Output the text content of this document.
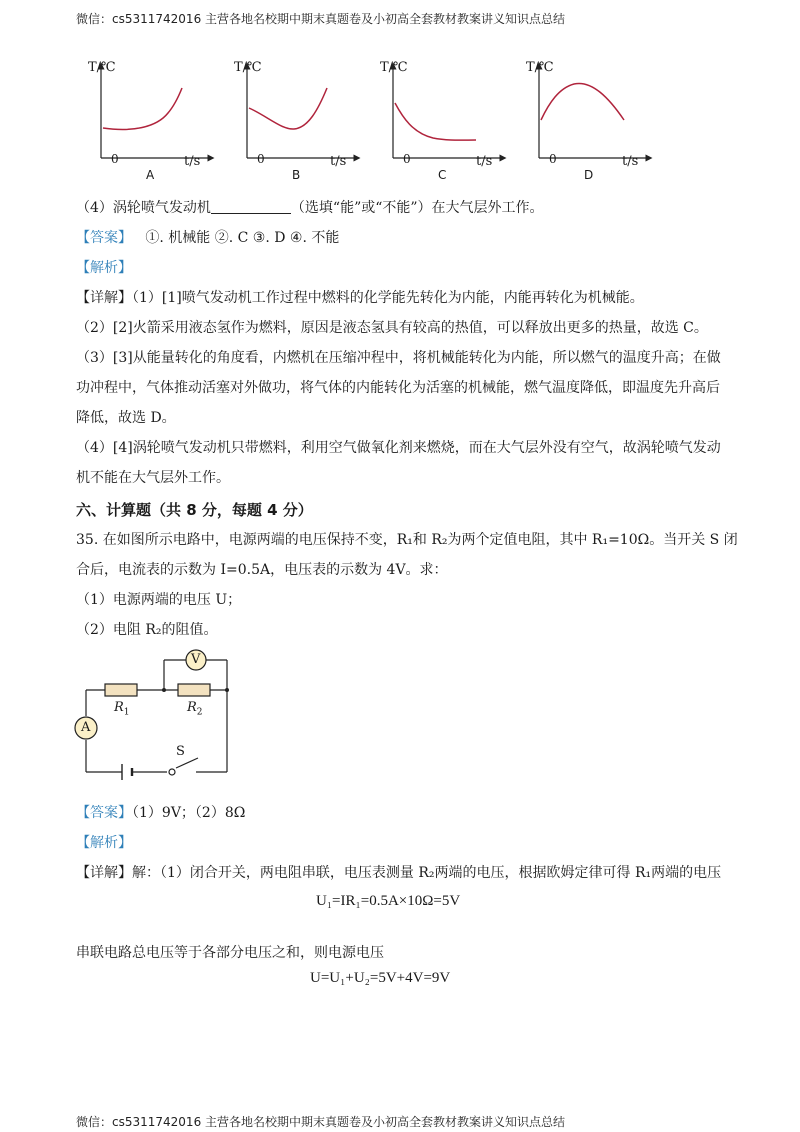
微信：cs5311742016 主营各地名校期中期末真题卷及小初高全套教材教案讲义知识点总结
T/℃
0	t/s
A
T/℃
0	t/s
B
T/℃
0	t/s
C
T/℃
0	t/s
D
（4）涡轮喷气发动机	（选填“能”或“不能”）在大气层外工作。
【答案】 ①. 机械能 ②. C ③. D ④. 不能
【解析】
【详解】（1）[1]喷气发动机工作过程中燃料的化学能先转化为内能，内能再转化为机械能。
（2）[2]火箭采用液态氢作为燃料，原因是液态氢具有较高的热值，可以释放出更多的热量，故选 C。
（3）[3]从能量转化的角度看，内燃机在压缩冲程中，将机械能转化为内能，所以燃气的温度升高；在做
功冲程中，气体推动活塞对外做功，将气体的内能转化为活塞的机械能，燃气温度降低，即温度先升高后
降低，故选 D。
（4）[4]涡轮喷气发动机只带燃料，利用空气做氧化剂来燃烧，而在大气层外没有空气，故涡轮喷气发动
机不能在大气层外工作。
六、计算题（共 8 分，每题 4 分）
35. 在如图所示电路中，电源两端的电压保持不变，R₁和 R₂为两个定值电阻，其中 R₁=10Ω。当开关 S 闭
合后，电流表的示数为 I=0.5A，电压表的示数为 4V。求：
（1）电源两端的电压 U；
（2）电阻 R₂的阻值。
V
A
S
$R_1$	$R_2$
【答案】（1）9V；（2）8Ω
【解析】
【详解】解：（1）闭合开关，两电阻串联，电压表测量 R₂两端的电压，根据欧姆定律可得 R₁两端的电压
U₁=IR₁=0.5A×10Ω=5V
串联电路总电压等于各部分电压之和，则电源电压
U=U₁+U₂=5V+4V=9V
微信：cs5311742016 主营各地名校期中期末真题卷及小初高全套教材教案讲义知识点总结
